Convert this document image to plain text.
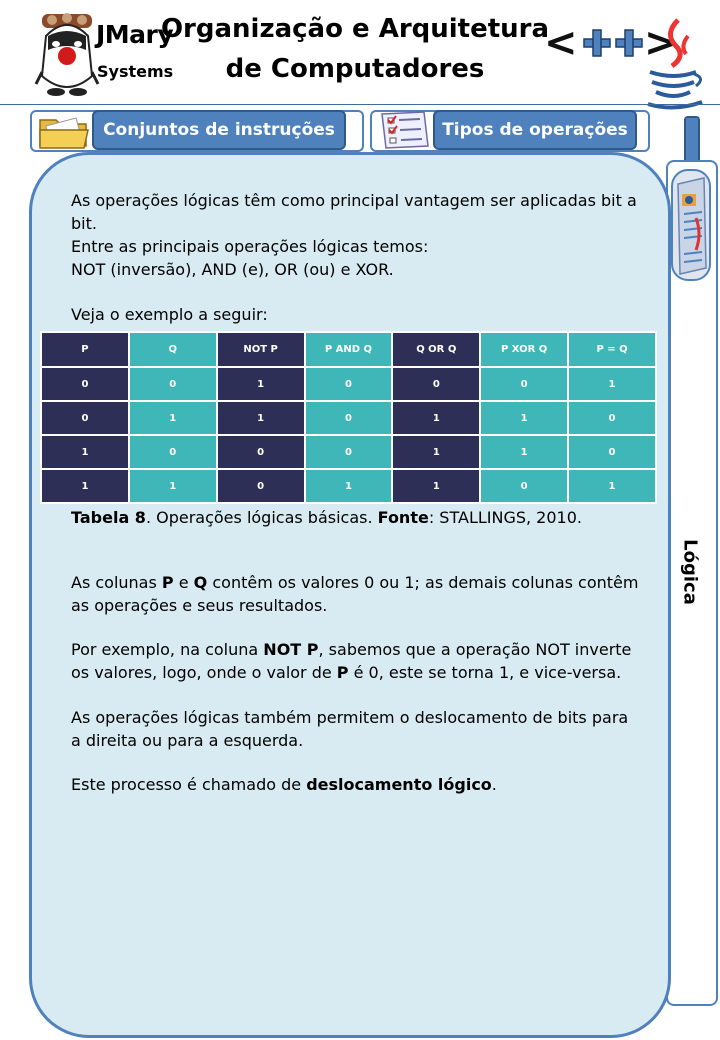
JMary
Systems
Organização e Arquitetura
de Computadores
< >
Conjuntos de instruções	Tipos de operações
Lógica
As operações lógicas têm como principal vantagem ser aplicadas bit a bit.
Entre as principais operações lógicas temos:
NOT (inversão), AND (e), OR (ou) e XOR.
Veja o exemplo a seguir:
P	Q	NOT P	P AND Q	Q OR Q	P XOR Q	P = Q
0	0	1	0	0	0	1
0	1	1	0	1	1	0
1	0	0	0	1	1	0
1	1	0	1	1	0	1
Tabela 8. Operações lógicas básicas. Fonte: STALLINGS, 2010.
As colunas P e Q contêm os valores 0 ou 1; as demais colunas contêm as operações e seus resultados.
Por exemplo, na coluna NOT P, sabemos que a operação NOT inverte os valores, logo, onde o valor de P é 0, este se torna 1, e vice-versa.
As operações lógicas também permitem o deslocamento de bits para a direita ou para a esquerda.
Este processo é chamado de deslocamento lógico.
